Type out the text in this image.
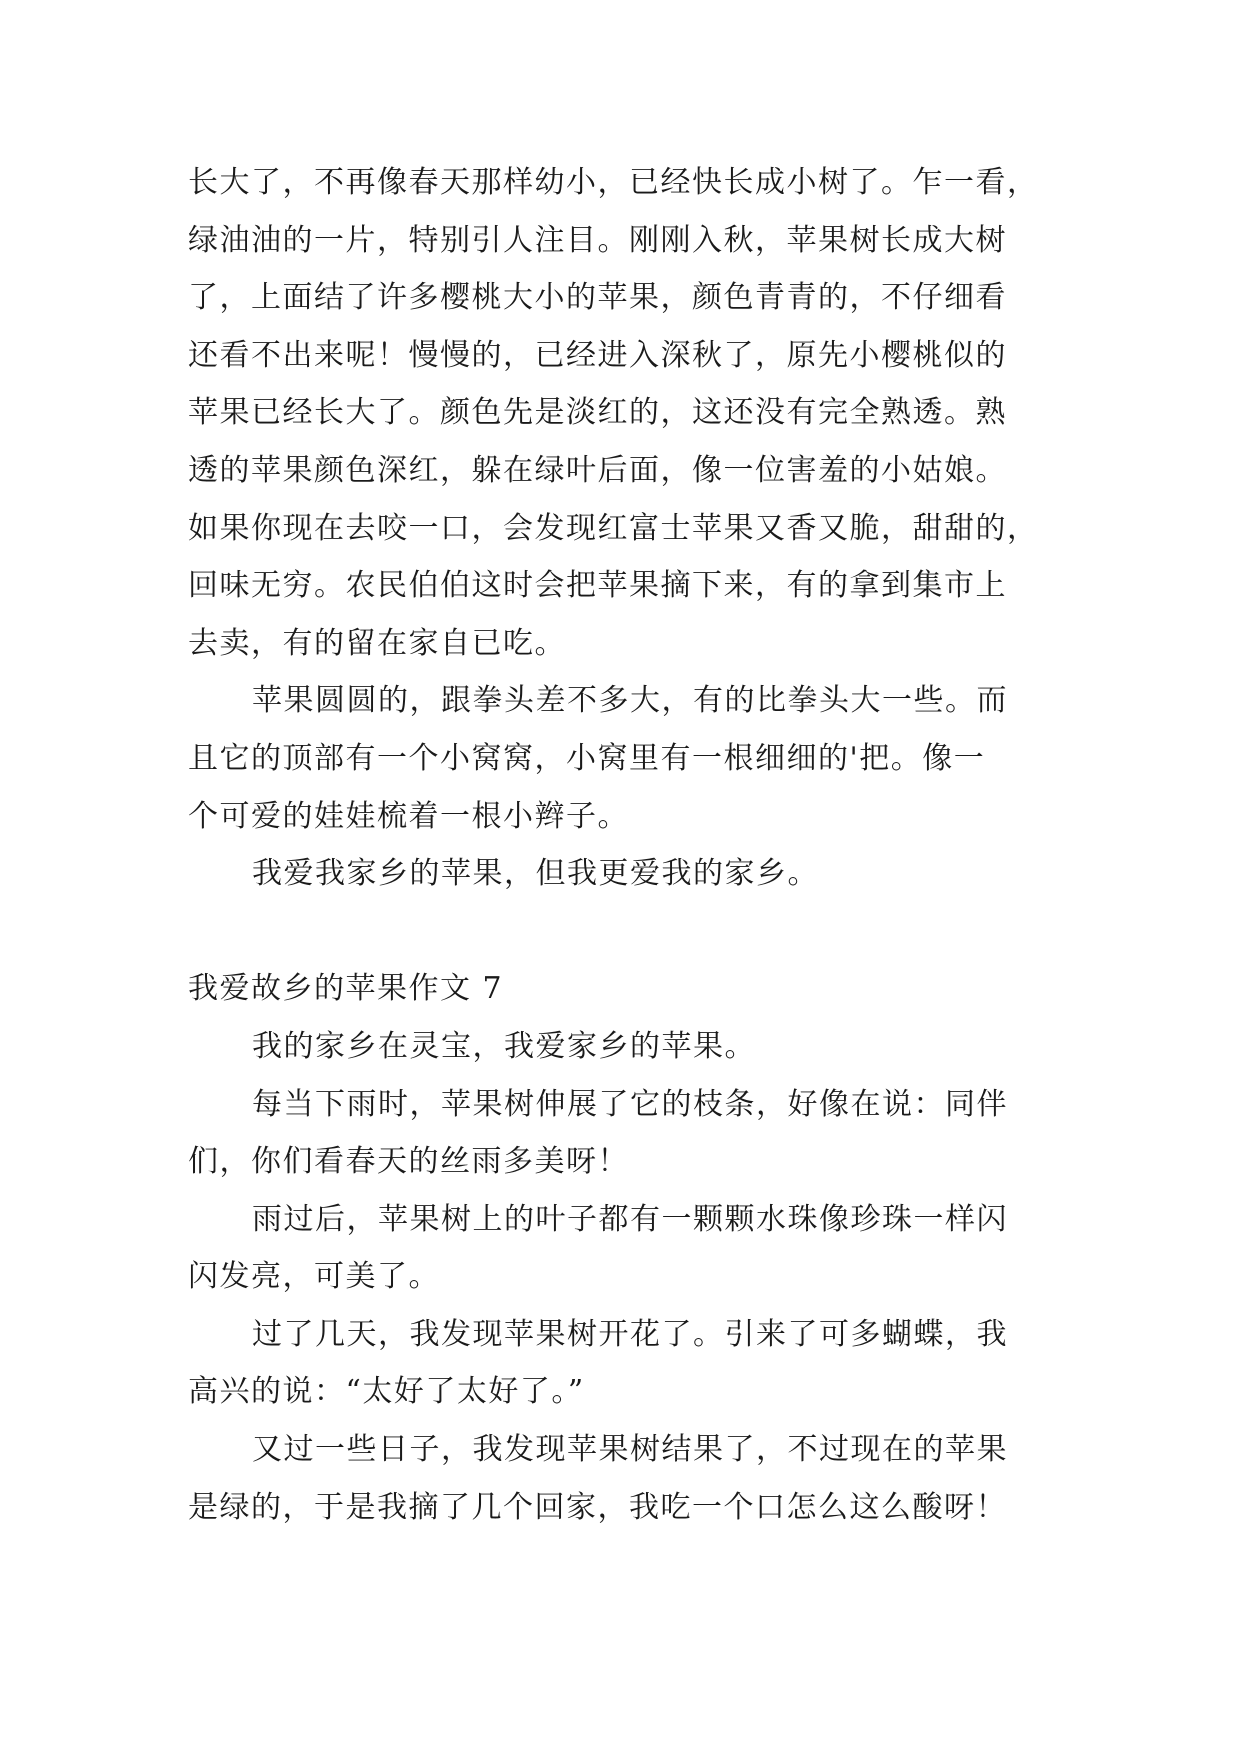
长大了，不再像春天那样幼小，已经快长成小树了。乍一看，
绿油油的一片，特别引人注目。刚刚入秋，苹果树长成大树
了，上面结了许多樱桃大小的苹果，颜色青青的，不仔细看
还看不出来呢！慢慢的，已经进入深秋了，原先小樱桃似的
苹果已经长大了。颜色先是淡红的，这还没有完全熟透。熟
透的苹果颜色深红，躲在绿叶后面，像一位害羞的小姑娘。
如果你现在去咬一口，会发现红富士苹果又香又脆，甜甜的，
回味无穷。农民伯伯这时会把苹果摘下来，有的拿到集市上
去卖，有的留在家自已吃。
苹果圆圆的，跟拳头差不多大，有的比拳头大一些。而
且它的顶部有一个小窝窝，小窝里有一根细细的'把。像一
个可爱的娃娃梳着一根小辫子。
我爱我家乡的苹果，但我更爱我的家乡。
我爱故乡的苹果作文 7
我的家乡在灵宝，我爱家乡的苹果。
每当下雨时，苹果树伸展了它的枝条，好像在说：同伴
们，你们看春天的丝雨多美呀！
雨过后，苹果树上的叶子都有一颗颗水珠像珍珠一样闪
闪发亮，可美了。
过了几天，我发现苹果树开花了。引来了可多蝴蝶，我
高兴的说：“太好了太好了。”
又过一些日子，我发现苹果树结果了，不过现在的苹果
是绿的，于是我摘了几个回家，我吃一个口怎么这么酸呀！
